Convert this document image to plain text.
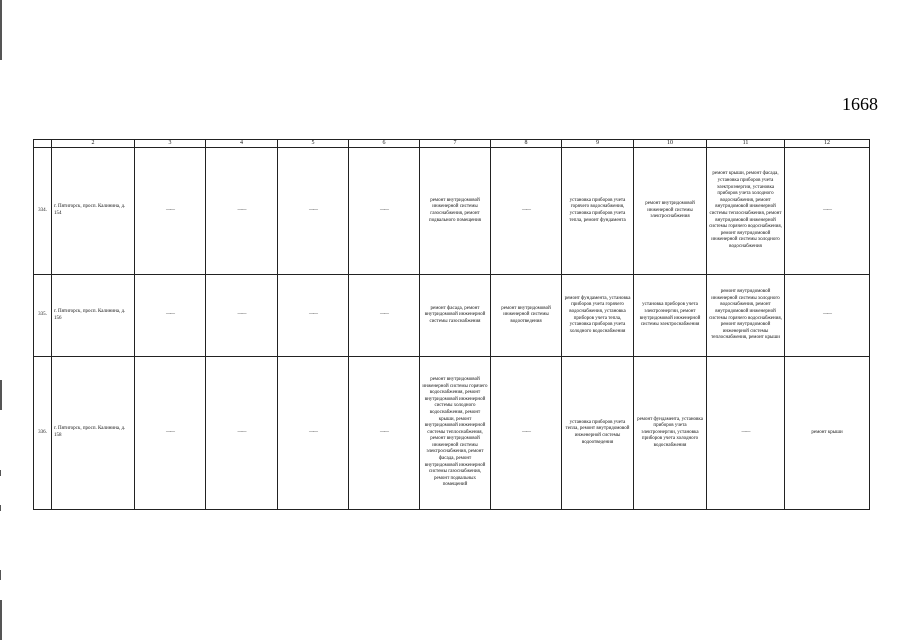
1668
	2	3	4	5	6	7	8	9	10	11	12
334.	г. Пятигорск, просп. Калинина, д. 154	——	——	——	——	ремонт внутридомовой инженерной системы газоснабжения, ремонт подвального помещения	——	установка приборов учета горячего водоснабжения, установка приборов учета тепла, ремонт фундамента	ремонт внутридомовой инженерной системы электроснабжения	ремонт крыши, ремонт фасада, установка приборов учета электроэнергии, установка приборов учета холодного водоснабжения, ремонт внутридомовой инженерной системы теплоснабжения, ремонт внутридомовой инженерной системы горячего водоснабжения, ремонт внутридомовой инженерной системы холодного водоснабжения	——
335.	г. Пятигорск, просп. Калинина, д. 156	——	——	——	——	ремонт фасада, ремонт внутридомовой инженерной системы газоснабжения	ремонт внутридомовой инженерной системы водоотведения	ремонт фундамента, установка приборов учета горячего водоснабжения, установка приборов учета тепла, установка приборов учета холодного водоснабжения	установка приборов учета электроэнергии, ремонт внутридомовой инженерной системы электроснабжения	ремонт внутридомовой инженерной системы холодного водоснабжения, ремонт внутридомовой инженерной системы горячего водоснабжения, ремонт внутридомовой инженерной системы теплоснабжения, ремонт крыши	——
336.	г. Пятигорск, просп. Калинина, д. 158	——	——	——	——	ремонт внутридомовой инженерной системы горячего водоснабжения, ремонт внутридомовой инженерной системы холодного водоснабжения, ремонт крыши, ремонт внутридомовой инженерной системы теплоснабжения, ремонт внутридомовой инженерной системы электроснабжения, ремонт фасада, ремонт внутридомовой инженерной системы газоснабжения, ремонт подвальных помещений	——	установка приборов учета тепла, ремонт внутридомовой инженерной системы водоотведения	ремонт фундамента, установка приборов учета электроэнергии, установка приборов учета холодного водоснабжения	——	ремонт крыши
